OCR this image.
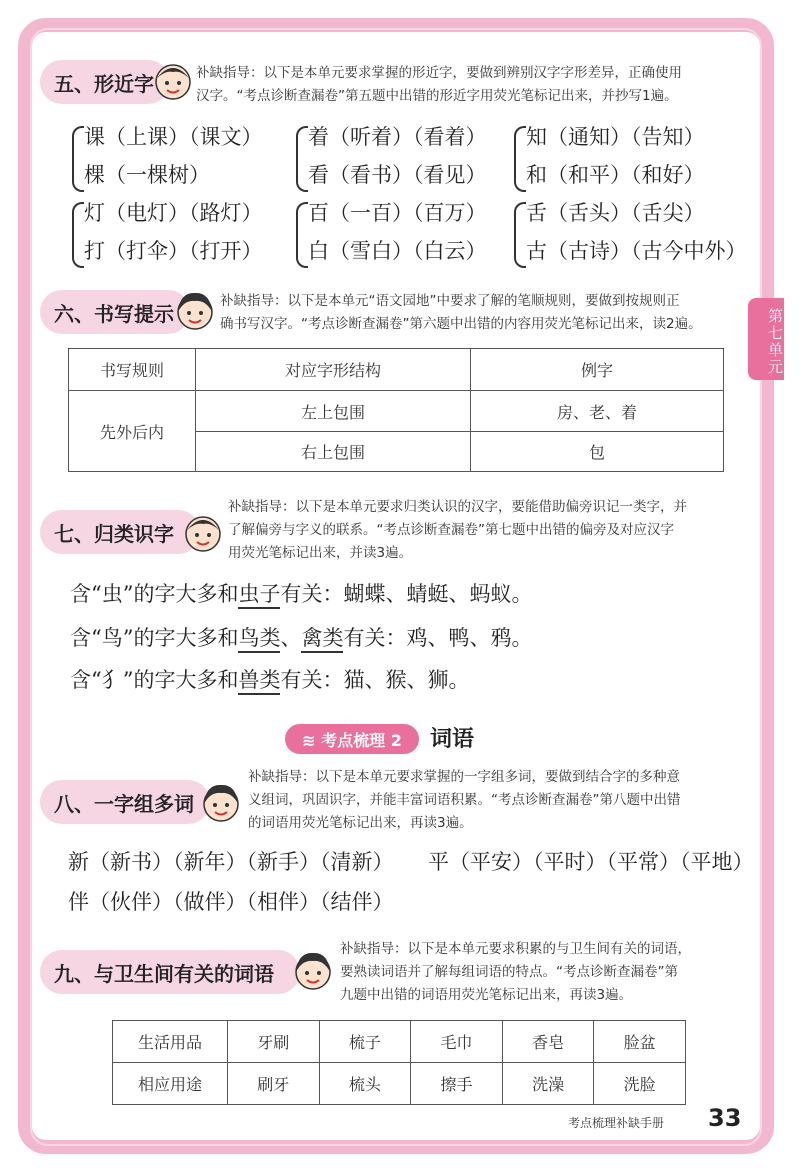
第七单元
五、形近字	补缺指导：以下是本单元要求掌握的形近字，要做到辨别汉字字形差异，正确使用
汉字。“考点诊断查漏卷”第五题中出错的形近字用荧光笔标记出来，并抄写1遍。
课（上课）（课文）
棵（一棵树）
着（听着）（看着）
看（看书）（看见）
知（通知）（告知）
和（和平）（和好）
灯（电灯）（路灯）
打（打伞）（打开）
百（一百）（百万）
白（雪白）（白云）
舌（舌头）（舌尖）
古（古诗）（古今中外）
六、书写提示
补缺指导：以下是本单元“语文园地”中要求了解的笔顺规则，要做到按规则正
确书写汉字。“考点诊断查漏卷”第六题中出错的内容用荧光笔标记出来，读2遍。
书写规则	对应字形结构	例字
先外后内	左上包围	房、老、着
	右上包围	包
七、归类识字
补缺指导：以下是本单元要求归类认识的汉字，要能借助偏旁识记一类字，并
了解偏旁与字义的联系。“考点诊断查漏卷”第七题中出错的偏旁及对应汉字
用荧光笔标记出来，并读3遍。
含“虫”的字大多和虫子有关：蝴蝶、蜻蜓、蚂蚁。
含“鸟”的字大多和鸟类、禽类有关：鸡、鸭、鸦。
含“犭”的字大多和兽类有关：猫、猴、狮。
≋ 考点梳理 2	词语
八、一字组多词
补缺指导：以下是本单元要求掌握的一字组多词，要做到结合字的多种意
义组词，巩固识字，并能丰富词语积累。“考点诊断查漏卷”第八题中出错
的词语用荧光笔标记出来，再读3遍。
新（新书）（新年）（新手）（清新） 平（平安）（平时）（平常）（平地）
伴（伙伴）（做伴）（相伴）（结伴）
九、与卫生间有关的词语
补缺指导：以下是本单元要求积累的与卫生间有关的词语，
要熟读词语并了解每组词语的特点。“考点诊断查漏卷”第
九题中出错的词语用荧光笔标记出来，再读3遍。
生活用品	牙刷	梳子	毛巾	香皂	脸盆
相应用途	刷牙	梳头	擦手	洗澡	洗脸
考点梳理补缺手册 33
